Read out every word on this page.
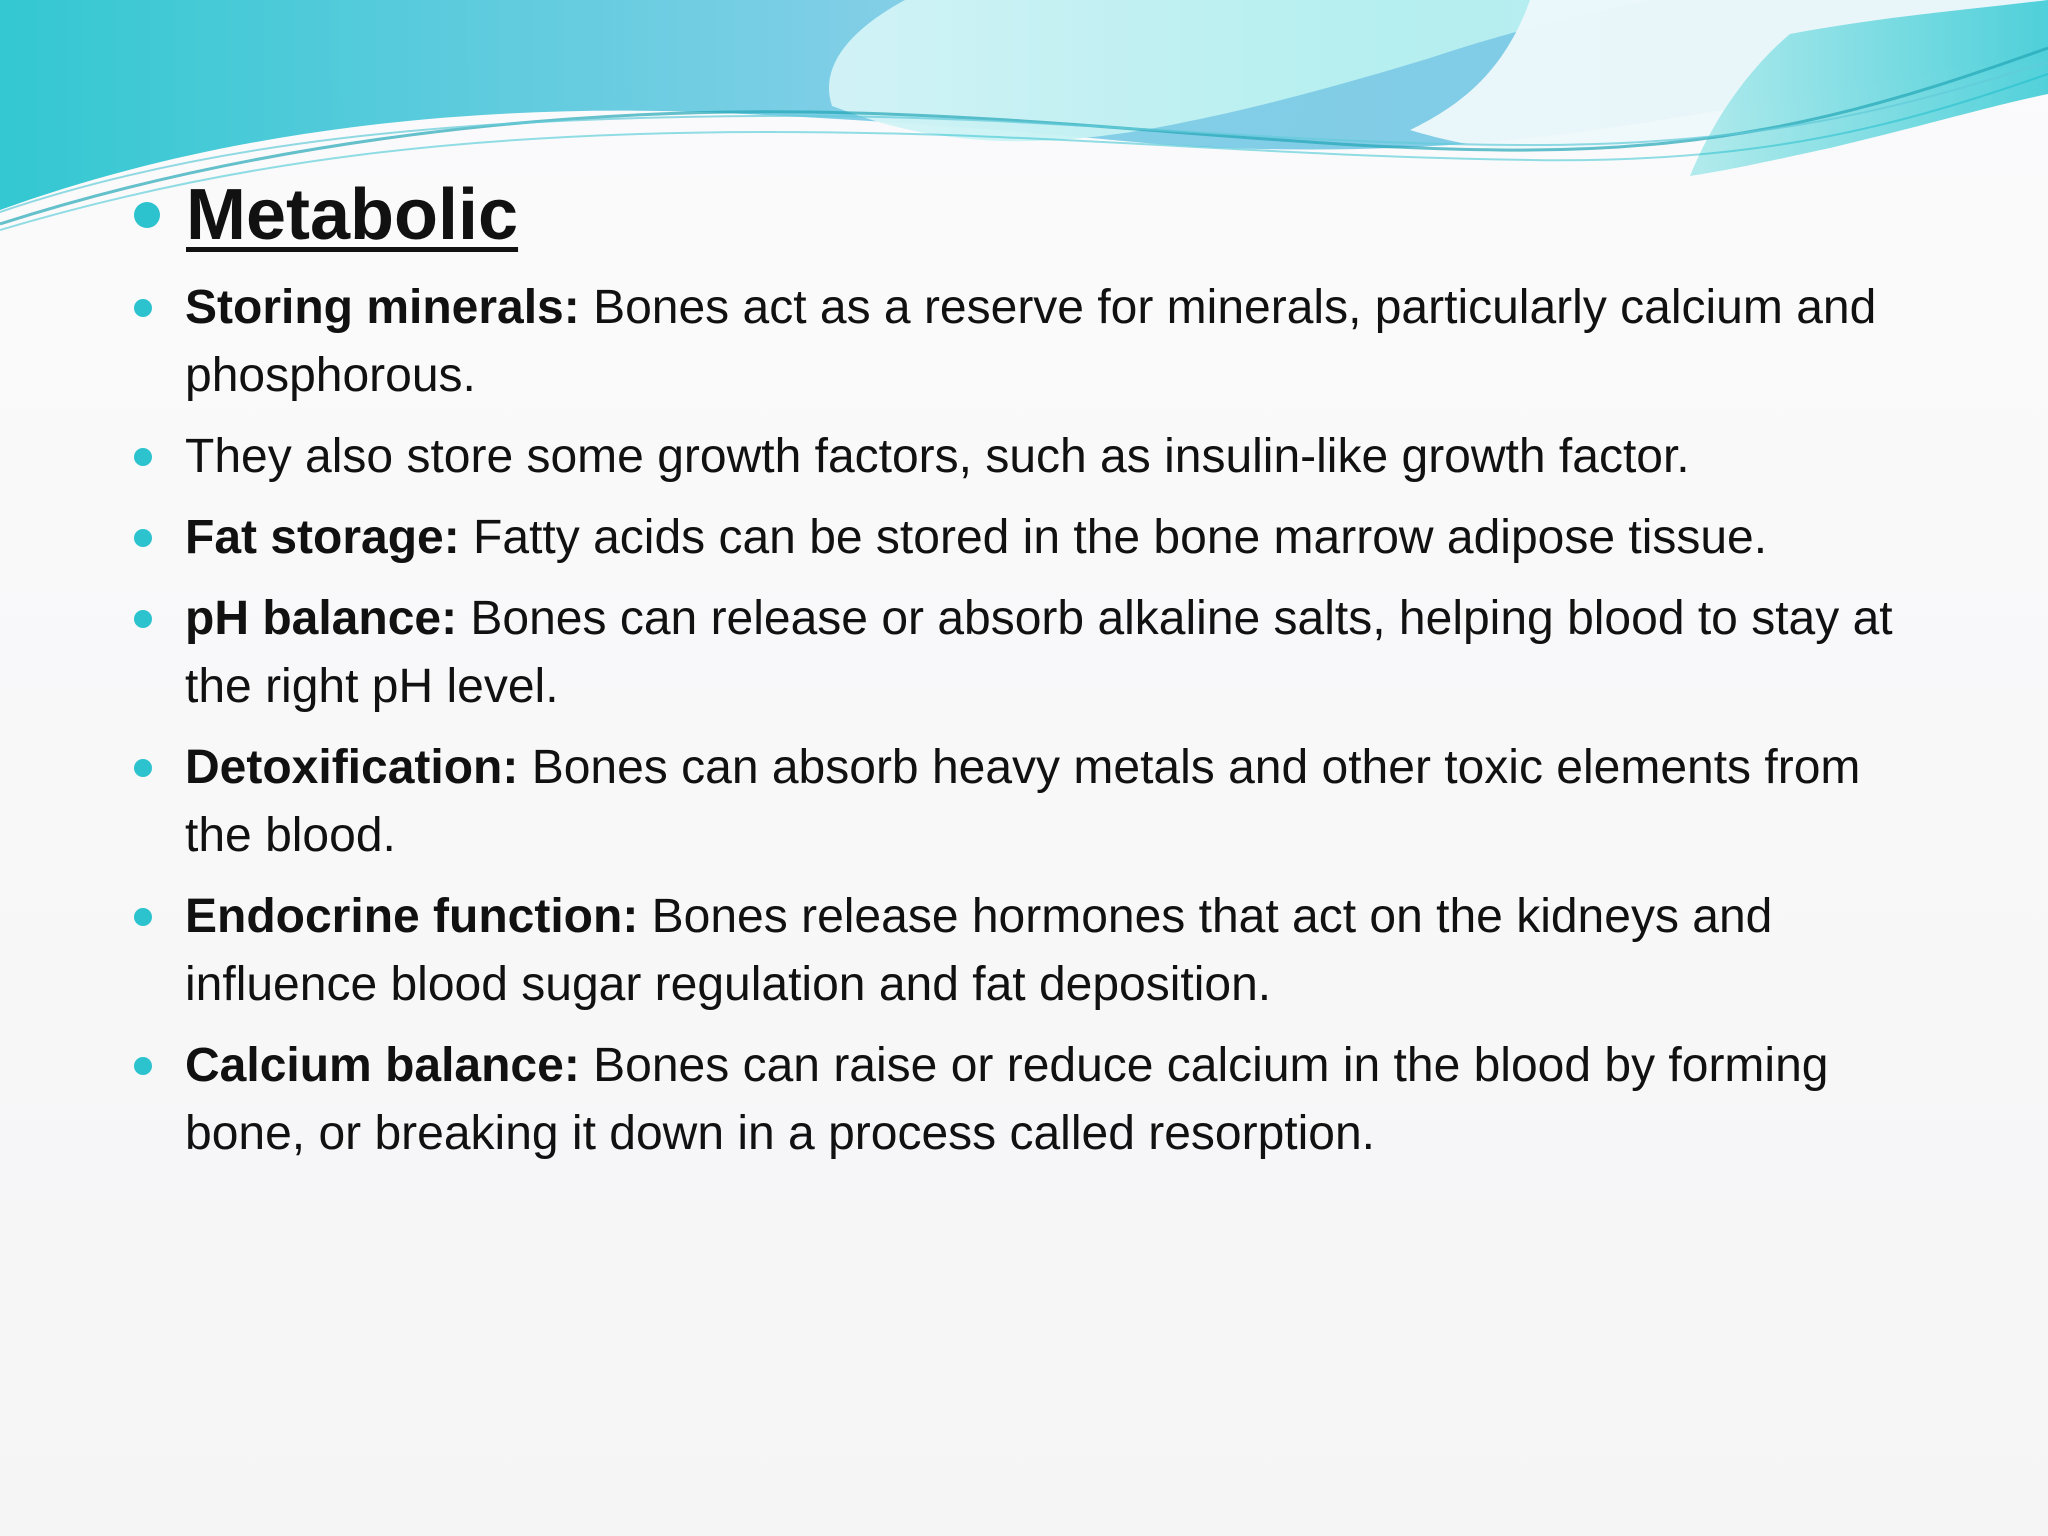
Metabolic
Storing minerals: Bones act as a reserve for minerals, particularly calcium and phosphorous.
They also store some growth factors, such as insulin-like growth factor.
Fat storage: Fatty acids can be stored in the bone marrow adipose tissue.
pH balance: Bones can release or absorb alkaline salts, helping blood to stay at the right pH level.
Detoxification: Bones can absorb heavy metals and other toxic elements from the blood.
Endocrine function: Bones release hormones that act on the kidneys and influence blood sugar regulation and fat deposition.
Calcium balance: Bones can raise or reduce calcium in the blood by forming bone, or breaking it down in a process called resorption.
